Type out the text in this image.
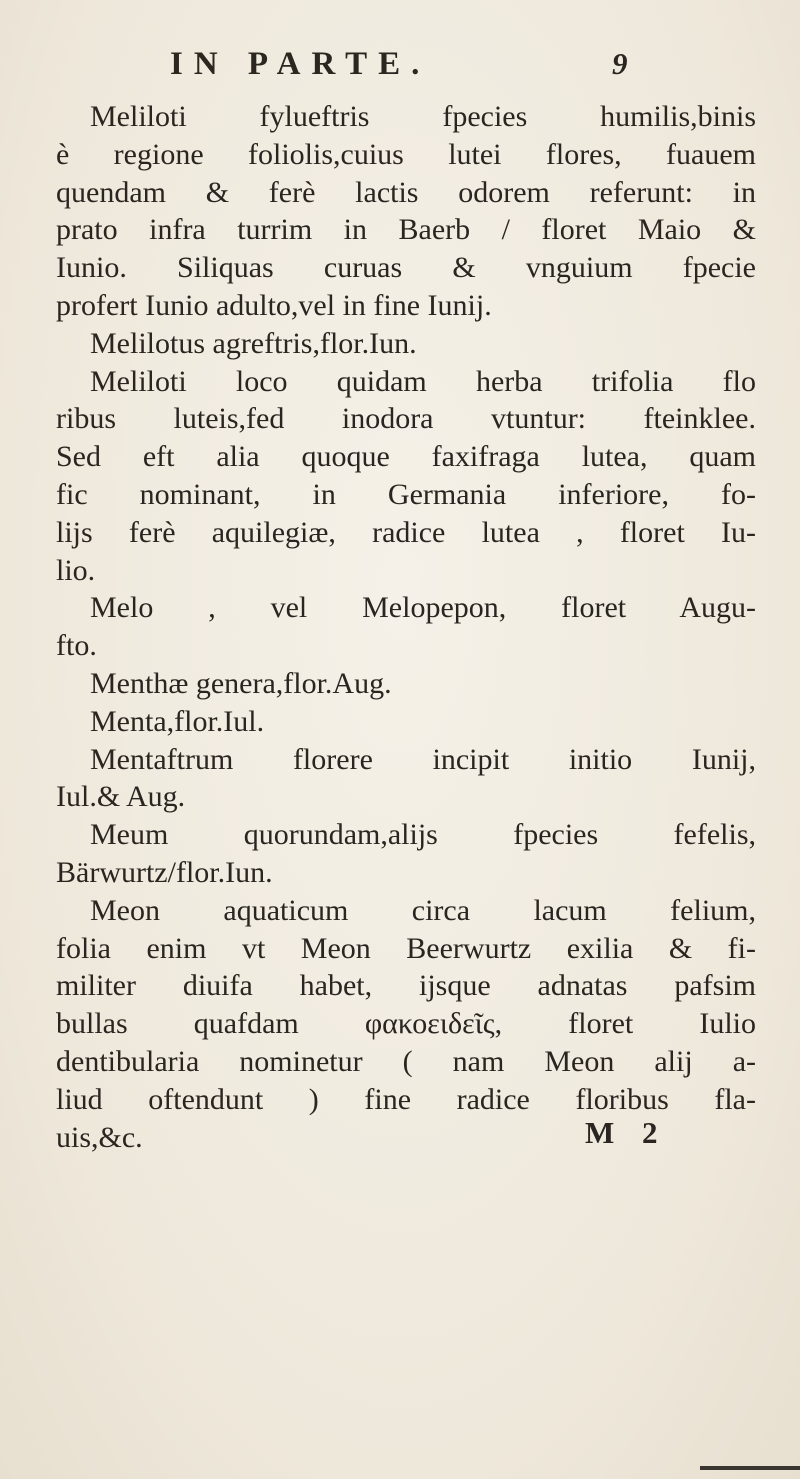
IN PARTE.	9
Meliloti fylueftris fpecies humilis,binis
è regione foliolis,cuius lutei flores, fuauem
quendam & ferè lactis odorem referunt: in
prato infra turrim in Baerb / floret Maio &
Iunio. Siliquas curuas & vnguium fpecie
profert Iunio adulto,vel in fine Iunij.
Melilotus agreftris,flor.Iun.
Meliloti loco quidam herba trifolia flo
ribus luteis,fed inodora vtuntur: fteinklee.
Sed eft alia quoque faxifraga lutea, quam
fic nominant, in Germania inferiore, fo-
lijs ferè aquilegiæ, radice lutea , floret Iu-
lio.
Melo , vel Melopepon, floret Augu-
fto.
Menthæ genera,flor.Aug.
Menta,flor.Iul.
Mentaftrum florere incipit initio Iunij,
Iul.& Aug.
Meum quorundam,alijs fpecies fefelis,
Bärwurtz/flor.Iun.
Meon aquaticum circa lacum felium,
folia enim vt Meon Beerwurtz exilia & fi-
militer diuifa habet, ijsque adnatas pafsim
bullas quafdam φακοειδεῖς, floret Iulio
dentibularia nominetur ( nam Meon alij a-
liud oftendunt ) fine radice floribus fla-
uis,&c.	M 2
